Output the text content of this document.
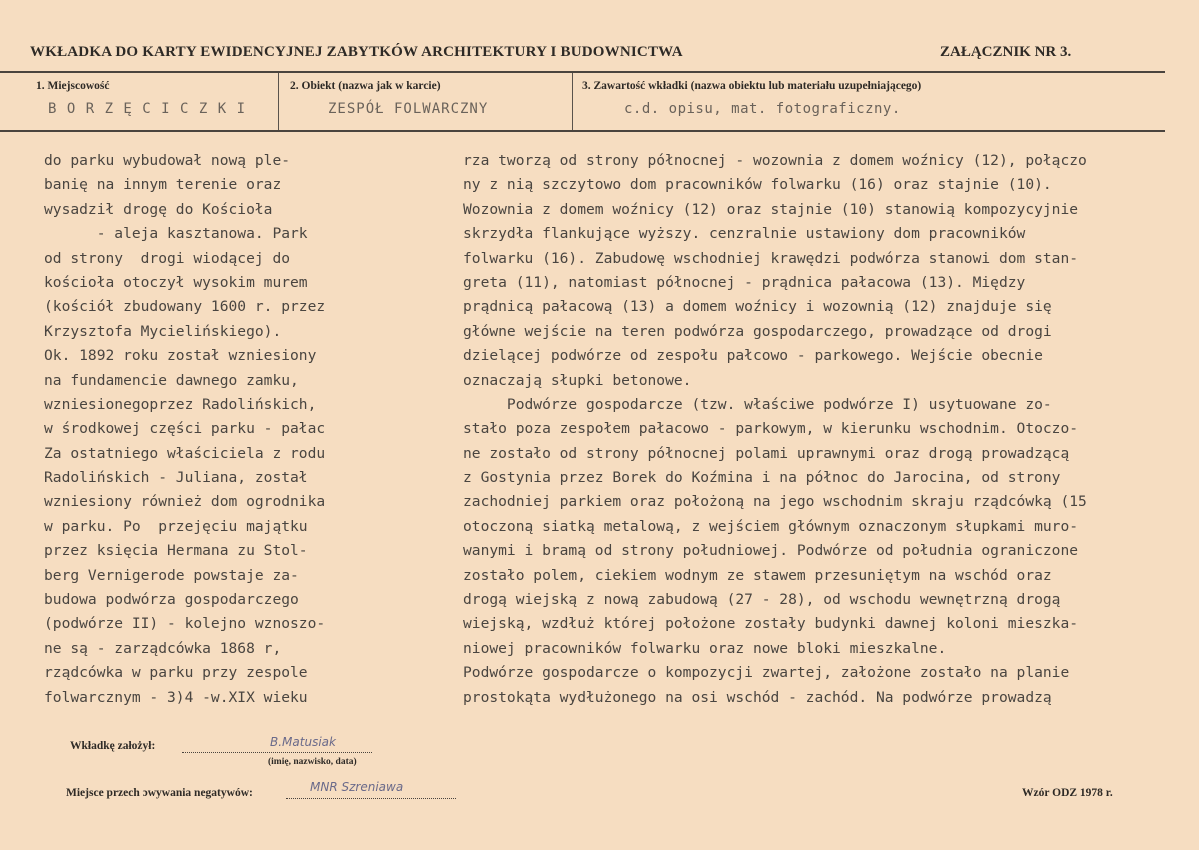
WKŁADKA DO KARTY EWIDENCYJNEJ ZABYTKÓW ARCHITEKTURY I BUDOWNICTWA	ZAŁĄCZNIK NR 3.
1. Miejscowość
B O R Z Ę C I C Z K I
2. Obiekt (nazwa jak w karcie)
ZESPÓŁ FOLWARCZNY
3. Zawartość wkładki (nazwa obiektu lub materiału uzupełniającego)
c.d. opisu, mat. fotograficzny.
do parku wybudował nową ple-
banię na innym terenie oraz
wysadził drogę do Kościoła
- aleja kasztanowa. Park
od strony  drogi wiodącej do
kościoła otoczył wysokim murem
(kościół zbudowany 1600 r. przez
Krzysztofa Mycielińskiego).
Ok. 1892 roku został wzniesiony
na fundamencie dawnego zamku,
wzniesionegoprzez Radolińskich,
w środkowej części parku - pałac
Za ostatniego właściciela z rodu
Radolińskich - Juliana, został
wzniesiony również dom ogrodnika
w parku. Po  przejęciu majątku
przez księcia Hermana zu Stol-
berg Vernigerode powstaje za-
budowa podwórza gospodarczego
(podwórze II) - kolejno wznoszo-
ne są - zarządcówka 1868 r,
rządcówka w parku przy zespole
folwarcznym - 3)4 -w.XIX wieku
rza tworzą od strony północnej - wozownia z domem woźnicy (12), połączo
ny z nią szczytowo dom pracowników folwarku (16) oraz stajnie (10).
Wozownia z domem woźnicy (12) oraz stajnie (10) stanowią kompozycyjnie
skrzydła flankujące wyższy. cenzralnie ustawiony dom pracowników
folwarku (16). Zabudowę wschodniej krawędzi podwórza stanowi dom stan-
greta (11), natomiast północnej - prądnica pałacowa (13). Między
prądnicą pałacową (13) a domem woźnicy i wozownią (12) znajduje się
główne wejście na teren podwórza gospodarczego, prowadzące od drogi
dzielącej podwórze od zespołu pałcowo - parkowego. Wejście obecnie
oznaczają słupki betonowe.
Podwórze gospodarcze (tzw. właściwe podwórze I) usytuowane zo-
stało poza zespołem pałacowo - parkowym, w kierunku wschodnim. Otoczo-
ne zostało od strony północnej polami uprawnymi oraz drogą prowadzącą
z Gostynia przez Borek do Koźmina i na północ do Jarocina, od strony
zachodniej parkiem oraz położoną na jego wschodnim skraju rządcówką (15
otoczoną siatką metalową, z wejściem głównym oznaczonym słupkami muro-
wanymi i bramą od strony południowej. Podwórze od południa ograniczone
zostało polem, ciekiem wodnym ze stawem przesuniętym na wschód oraz
drogą wiejską z nową zabudową (27 - 28), od wschodu wewnętrzną drogą
wiejską, wzdłuż której położone zostały budynki dawnej koloni mieszka-
niowej pracowników folwarku oraz nowe bloki mieszkalne.
Podwórze gospodarcze o kompozycji zwartej, założone zostało na planie
prostokąta wydłużonego na osi wschód - zachód. Na podwórze prowadzą
Wkładkę założył:	B.Matusiak
(imię, nazwisko, data)
Miejsce przech ɔwywania negatywów:	MNR Szreniawa	Wzór ODZ 1978 r.
